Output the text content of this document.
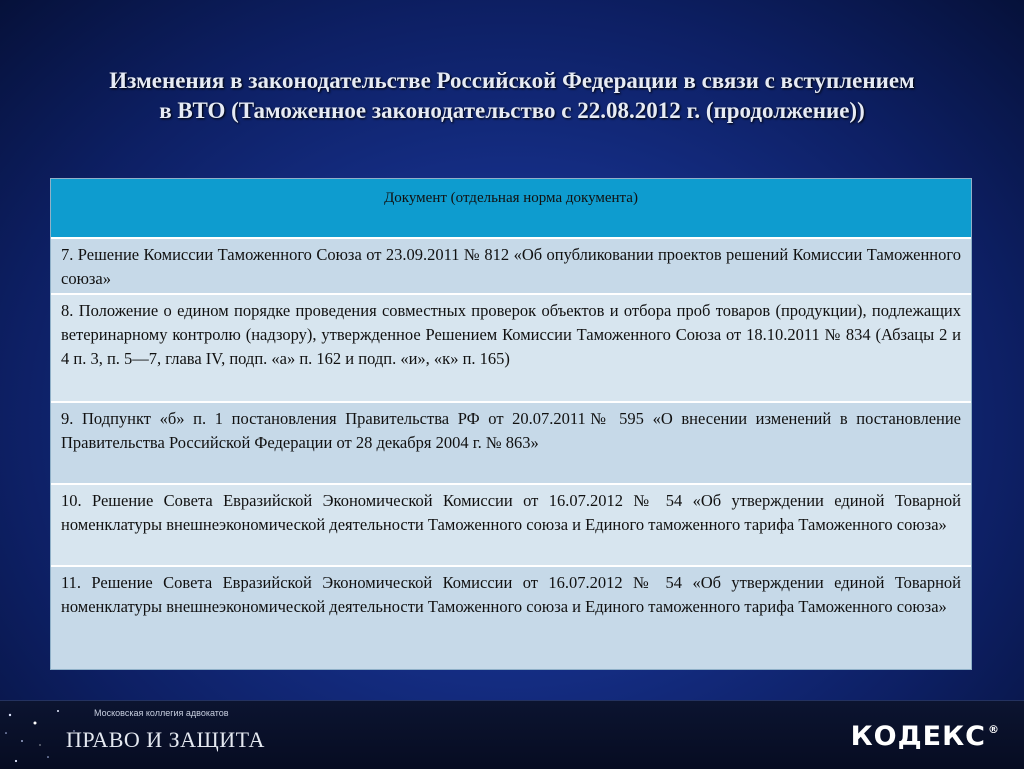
Изменения в законодательстве Российской Федерации в связи с вступлением
в ВТО (Таможенное законодательство с 22.08.2012 г. (продолжение))

Документ (отдельная норма документа)

7. Решение Комиссии Таможенного Союза от 23.09.2011 № 812 «Об опубликовании проектов решений Комиссии Таможенного союза»

8. Положение о едином порядке проведения совместных проверок объектов и отбора проб товаров (продукции), подлежащих ветеринарному контролю (надзору), утвержденное Решением Комиссии Таможенного Союза от 18.10.2011 № 834 (Абзацы 2 и 4 п. 3, п. 5—7, глава IV, подп. «а» п. 162 и подп. «и», «к» п. 165)

9. Подпункт «б» п. 1 постановления Правительства РФ от 20.07.2011№ 595 «О внесении изменений в постановление Правительства Российской Федерации от 28 декабря 2004 г. № 863»

10. Решение Совета Евразийской Экономической Комиссии от 16.07.2012 № 54 «Об утверждении единой Товарной номенклатуры внешнеэкономической деятельности Таможенного союза и Единого таможенного тарифа Таможенного союза»

11. Решение Совета Евразийской Экономической Комиссии от 16.07.2012 № 54 «Об утверждении единой Товарной номенклатуры внешнеэкономической деятельности Таможенного союза и Единого таможенного тарифа Таможенного союза»

Московская коллегия адвокатов
ПРАВО И ЗАЩИТА	КОДЕКС ®
